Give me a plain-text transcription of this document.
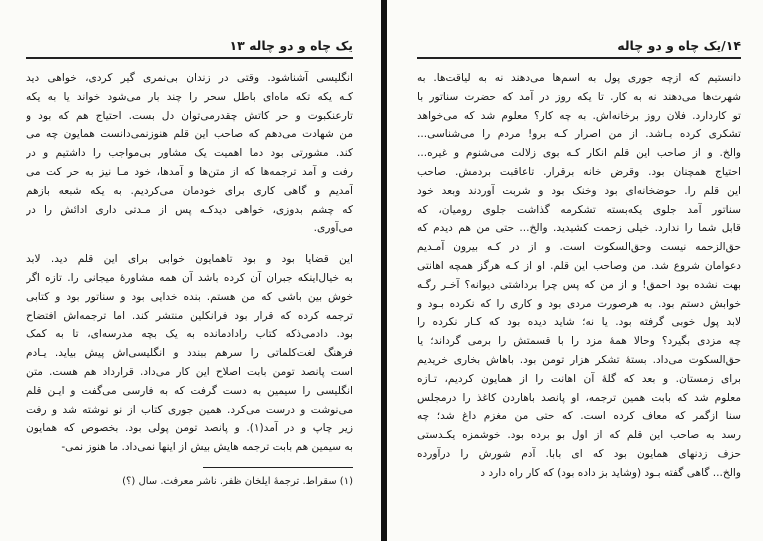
یک چاه و دو چاله ۱۳
انگلیسی آشناشود. وقتی در زندان بی‌نمری گیر کردی، خواهی دید
کـه یکه تکه ماه‌ای باطل سحر را چند بار می‌شود خواند یا به یکه
تارعنکبوت و حر کاتش چقدرمی‌توان دل بست. احتیاج هم که بود و
من شهادت می‌دهم که صاحب این قلم هنوزنمی‌دانست همایون چه می
کند. مشورتی بود دما اهمیت یک مشاور بی‌مواجب را داشتیم و در
رفت و آمد ترجمه‌ها که از متن‌ها و آمدها، خود مـا نیز به حر کت می
آمدیم و گاهی کاری برای خودمان می‌کردیم. به یکه شبعه بازهم
که چشم بدوزی، خواهی دیدکـه پس از مـدتی داری ادائش را در
می‌آوری.
این قضایا بود و بود تاهمایون خوابی برای این قلم دید. لابد
به خیال‌اینکه جبران آن کرده باشد آن همه مشاورهٔ میجانی را. تازه اگر
خوش بین باشی که من هستم. بنده خدایی بود و سناتور بود و کتابی
ترجمه کرده که قرار بود فرانکلین منتشر کند. اما ترجمه‌اش افتضاح
بود. دادمی‌ذکه کتاب رادادمانده به یک بچه مدرسه‌ای، تا به کمک
فرهنگ لغت‌کلماتی را سرهم ببندد و انگلیسی‌اش پیش بیاید. یـادم
است پانصد تومن بابت اصلاح این کار می‌داد. قرارداد هم هست. متن
انگلیسی را سیمین به دست گرفت که به فارسی می‌گفت و ایـن قلم
می‌نوشت و درست می‌کرد. همین جوری کتاب از نو نوشته شد و رفت
زیر چاپ و در آمد(۱). و پانصد تومن پولی بود. بخصوص که همایون
به سیمین هم بابت ترجمه هایش بیش از اینها نمی‌داد. ما هنوز نمی-
(۱) سقراط. ترجمهٔ ایلخان ظفر. ناشر معرفت. سال (؟)
۱۴/یک چاه و دو چاله
دانستیم که ازچه جوری پول به اسم‌ها می‌دهند نه به لیاقت‌ها. به
شهرت‌ها می‌دهند نه به کار. تا یکه روز در آمد که حضرت سناتور با
تو کاردارد. فلان روز برخانه‌اش. به چه کار؟ معلوم شد که می‌خواهد
تشکری کرده بـاشد. از من اصرار کـه برو! مردم را می‌شناسی...
والخ. و از صاحب این قلم انکار کـه بوی زلالت می‌شنوم و غیره...
احتیاج همچنان بود. وقرض خانه برقرار. تاعاقبت بردمش. صاحب
این قلم را. حوضخانه‌ای بود وخنک بود و شربت آوردند وبعد خود
سناتور آمد جلوی یکه‌بسته تشکرمه گذاشت جلوی رومیان، که
قابل شما را ندارد. خیلی زحمت کشیدید. والخ... حتی من هم دیدم که
حق‌الزحمه نیست وحق‌السکوت است. و از در کـه بیرون آمـدیم
دعوامان شروع شد. من وصاحب این قلم. او از کـه هرگز همچه اهانتی
بهت نشده بود احمق! و از من که پس چرا برداشتی دیوانه؟ آخـر رگـه
خوابش دستم بود. به هرصورت مردی بود و کاری را که نکرده بـود و
لابد پول خوبی گرفته بود. یا نه؛ شاید دیده بود که کـار نکرده را
چه مزدی بگیرد؟ وحالا همهٔ مزد را با قسمتش را برمی گرداند؛ یا
حق‌السکوت می‌داد. بستهٔ تشکر هزار تومن بود. باهاش بخاری خریدیم
برای زمستان. و بعد که گلهٔ آن اهانت را از همایون کردیم، تـازه
معلوم شد که بابت همین ترجمه، او پانصد باهاردن کاغذ را درمجلس
سنا ازگمر که معاف کرده است. که حتی من مغزم داغ شد؛ چه
رسد به صاحب این قلم که از اول بو برده بود. خوشمزه یکـدستی
حزف زدنهای همایون بود که ای بابا. آدم شورش را درآورده
والخ... گاهی گفته بـود (وشاید بز داده بود) که کار راه دارد د
